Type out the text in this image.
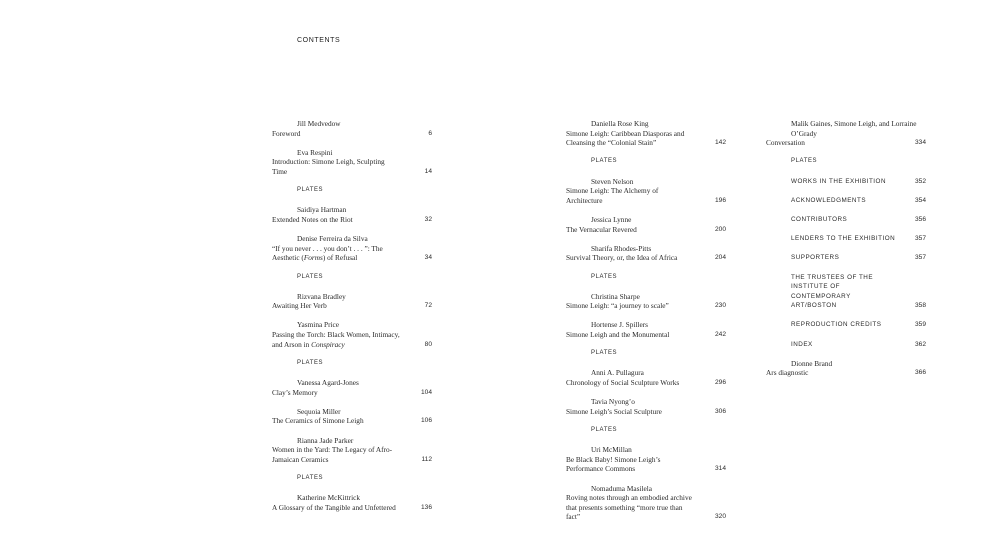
CONTENTS
Jill Medvedow
Foreword	6
Eva Respini
Introduction: Simone Leigh, Sculpting Time	14
PLATES
Saidiya Hartman
Extended Notes on the Riot	32
Denise Ferreira da Silva
“If you never . . . you don’t . . . ”: The Aesthetic (Forms) of Refusal	34
PLATES
Rizvana Bradley
Awaiting Her Verb	72
Yasmina Price
Passing the Torch: Black Women, Intimacy, and Arson in Conspiracy	80
PLATES
Vanessa Agard-Jones
Clay’s Memory	104
Sequoia Miller
The Ceramics of Simone Leigh	106
Rianna Jade Parker
Women in the Yard: The Legacy of Afro-Jamaican Ceramics	112
PLATES
Katherine McKittrick
A Glossary of the Tangible and Unfettered	136
Daniella Rose King
Simone Leigh: Caribbean Diasporas and Cleansing the “Colonial Stain”	142
PLATES
Steven Nelson
Simone Leigh: The Alchemy of Architecture	196
Jessica Lynne
The Vernacular Revered	200
Sharifa Rhodes-Pitts
Survival Theory, or, the Idea of Africa	204
PLATES
Christina Sharpe
Simone Leigh: “a journey to scale”	230
Hortense J. Spillers
Simone Leigh and the Monumental	242
PLATES
Anni A. Pullagura
Chronology of Social Sculpture Works	296
Tavia Nyong’o
Simone Leigh’s Social Sculpture	306
PLATES
Uri McMillan
Be Black Baby! Simone Leigh’s Performance Commons	314
Nomaduma Masilela
Roving notes through an embodied archive that presents something “more true than fact”	320
Malik Gaines, Simone Leigh, and Lorraine O’Grady
Conversation	334
PLATES
WORKS IN THE EXHIBITION	352
ACKNOWLEDGMENTS	354
CONTRIBUTORS	356
LENDERS TO THE EXHIBITION	357
SUPPORTERS	357
THE TRUSTEES OF THE INSTITUTE OF CONTEMPORARY ART/BOSTON	358
REPRODUCTION CREDITS	359
INDEX	362
Dionne Brand
Ars diagnostic	366
